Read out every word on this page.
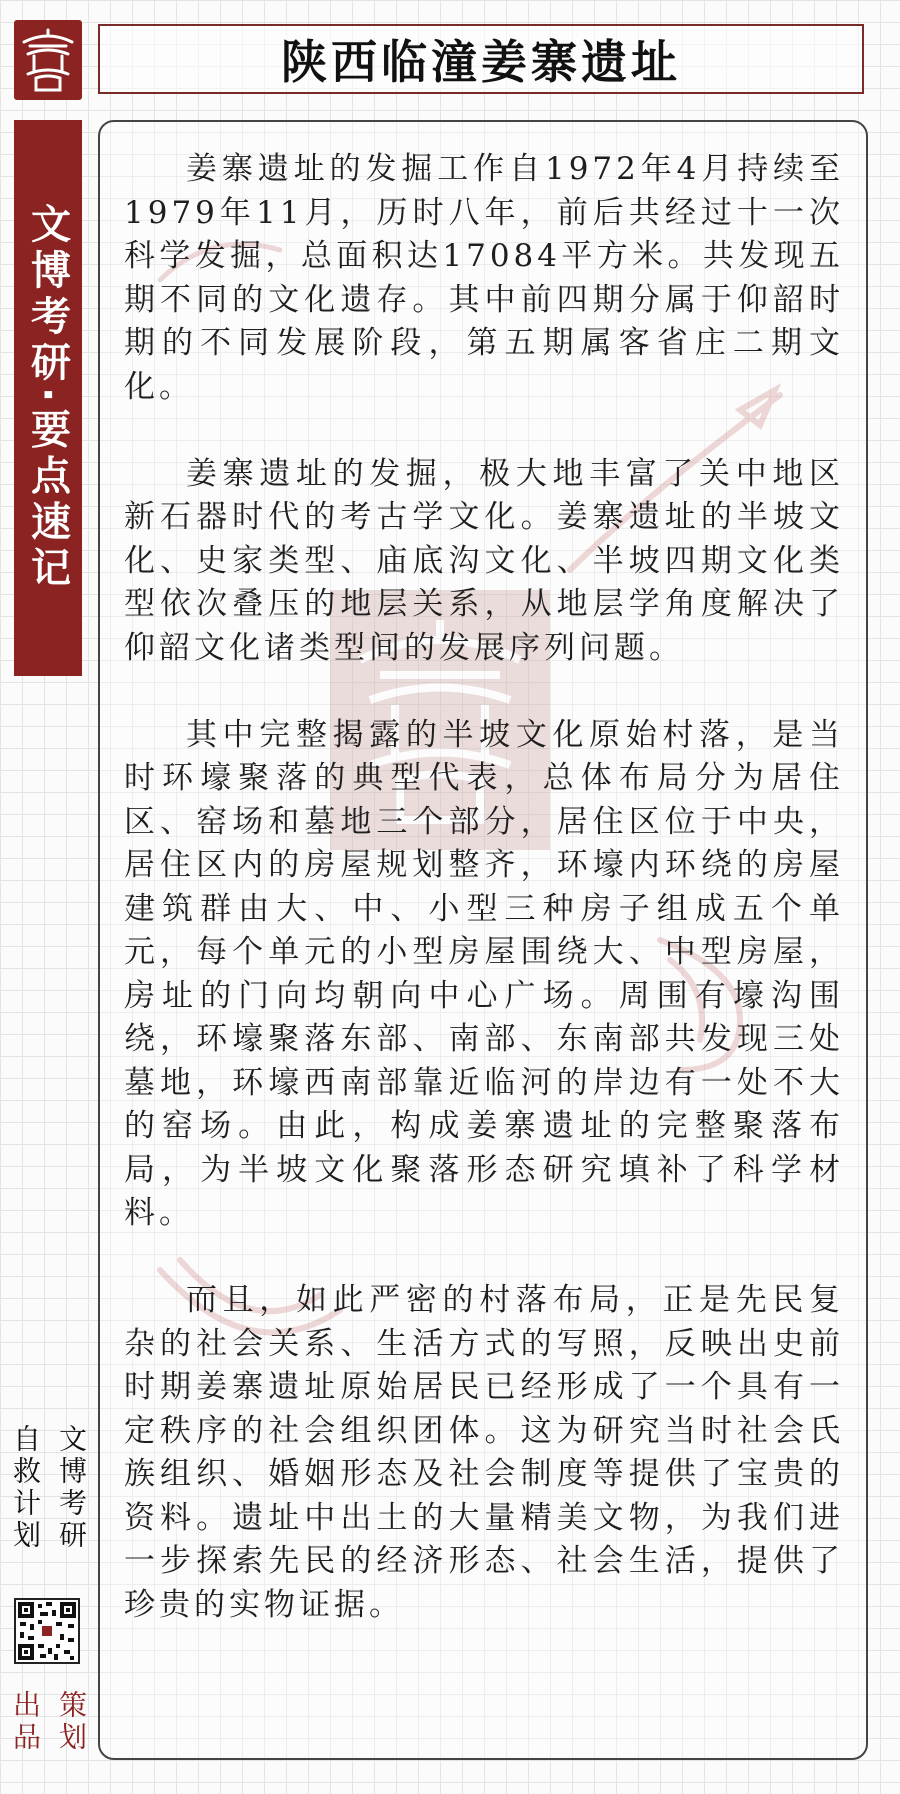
陕西临潼姜寨遗址
文博考研·要点速记

姜寨遗址的发掘工作自1972年4月持续至1979年11月，历时八年，前后共经过十一次科学发掘，总面积达17084平方米。共发现五期不同的文化遗存。其中前四期分属于仰韶时期的不同发展阶段，第五期属客省庄二期文化。

姜寨遗址的发掘，极大地丰富了关中地区新石器时代的考古学文化。姜寨遗址的半坡文化、史家类型、庙底沟文化、半坡四期文化类型依次叠压的地层关系，从地层学角度解决了仰韶文化诸类型间的发展序列问题。

其中完整揭露的半坡文化原始村落，是当时环壕聚落的典型代表，总体布局分为居住区、窑场和墓地三个部分，居住区位于中央，居住区内的房屋规划整齐，环壕内环绕的房屋建筑群由大、中、小型三种房子组成五个单元，每个单元的小型房屋围绕大、中型房屋，房址的门向均朝向中心广场。周围有壕沟围绕，环壕聚落东部、南部、东南部共发现三处墓地，环壕西南部靠近临河的岸边有一处不大的窑场。由此，构成姜寨遗址的完整聚落布局，为半坡文化聚落形态研究填补了科学材料。

而且，如此严密的村落布局，正是先民复杂的社会关系、生活方式的写照，反映出史前时期姜寨遗址原始居民已经形成了一个具有一定秩序的社会组织团体。这为研究当时社会氏族组织、婚姻形态及社会制度等提供了宝贵的资料。遗址中出土的大量精美文物，为我们进一步探索先民的经济形态、社会生活，提供了珍贵的实物证据。

文博考研
自救计划
策划
出品
